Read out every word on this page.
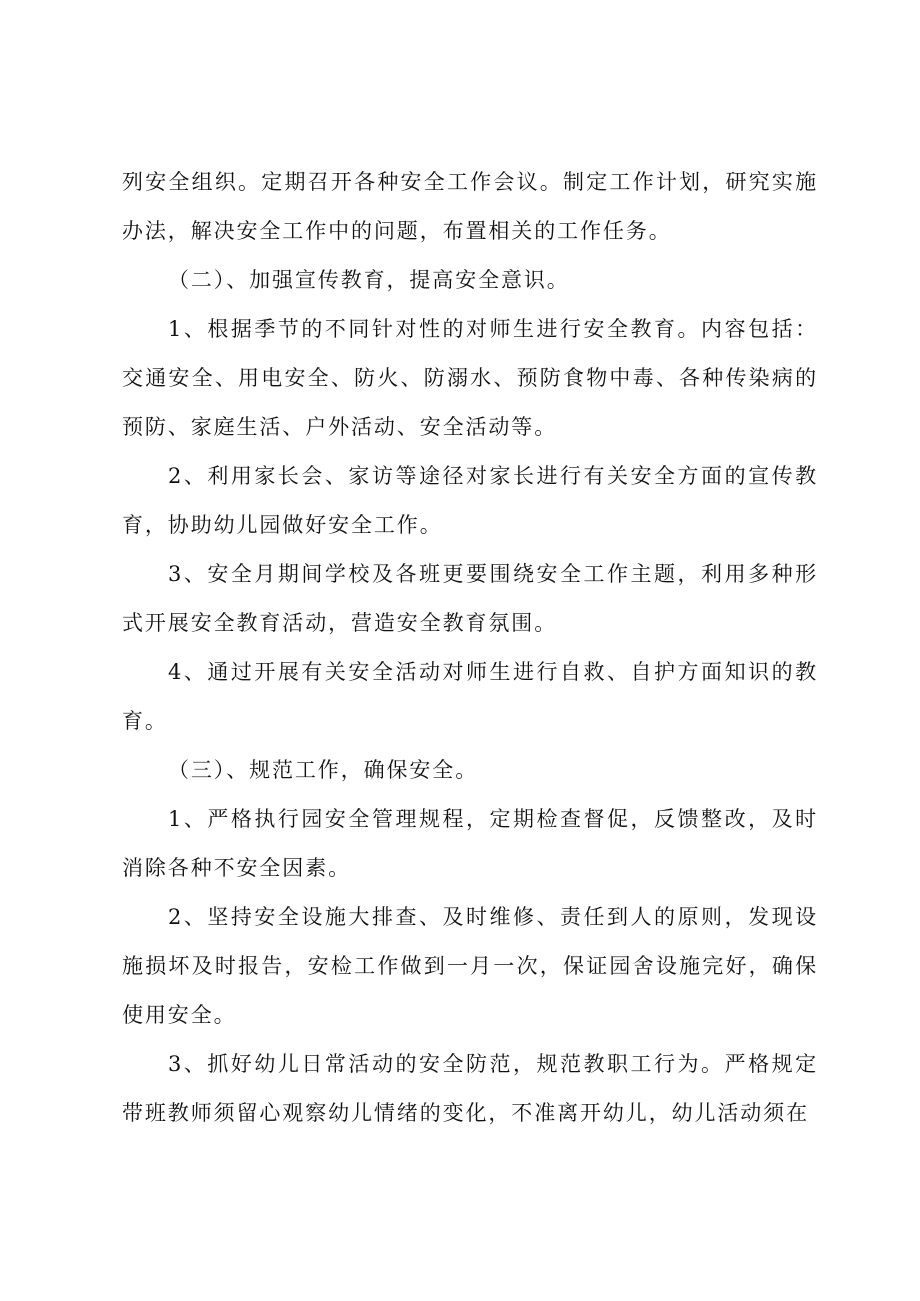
列安全组织。定期召开各种安全工作会议。制定工作计划，研究实施办法，解决安全工作中的问题，布置相关的工作任务。

（二）、加强宣传教育，提高安全意识。

1、根据季节的不同针对性的对师生进行安全教育。内容包括：交通安全、用电安全、防火、防溺水、预防食物中毒、各种传染病的预防、家庭生活、户外活动、安全活动等。

2、利用家长会、家访等途径对家长进行有关安全方面的宣传教育，协助幼儿园做好安全工作。

3、安全月期间学校及各班更要围绕安全工作主题，利用多种形式开展安全教育活动，营造安全教育氛围。

4、通过开展有关安全活动对师生进行自救、自护方面知识的教育。

（三）、规范工作，确保安全。

1、严格执行园安全管理规程，定期检查督促，反馈整改，及时消除各种不安全因素。

2、坚持安全设施大排查、及时维修、责任到人的原则，发现设施损坏及时报告，安检工作做到一月一次，保证园舍设施完好，确保使用安全。

3、抓好幼儿日常活动的安全防范，规范教职工行为。严格规定带班教师须留心观察幼儿情绪的变化，不准离开幼儿，幼儿活动须在
